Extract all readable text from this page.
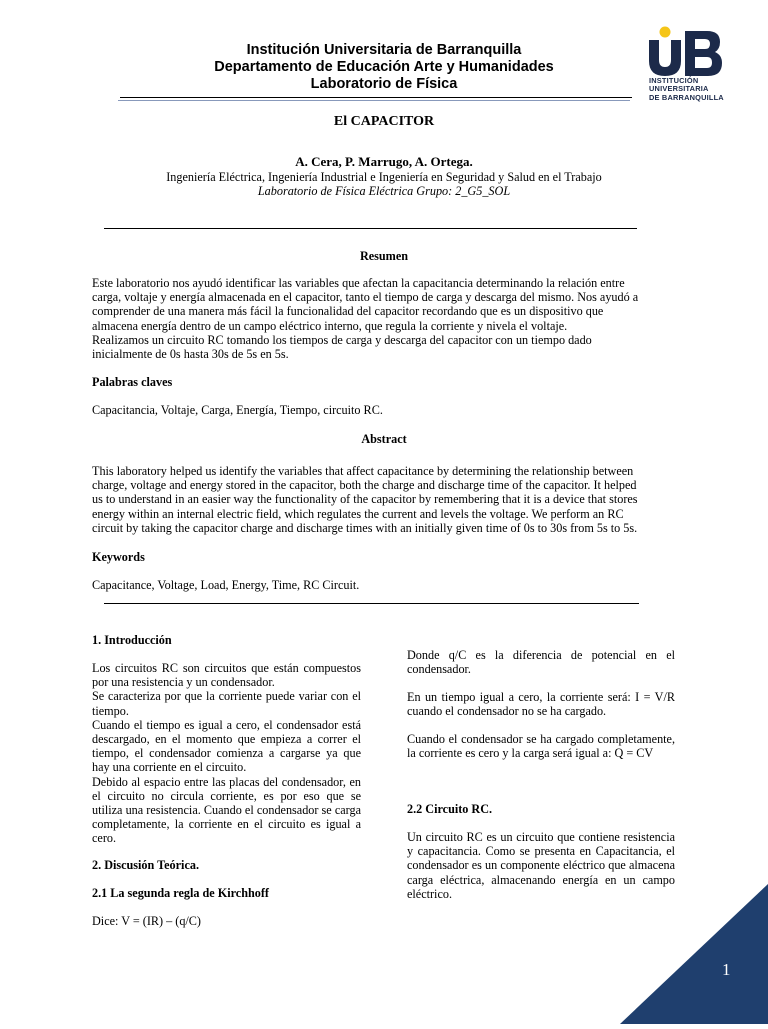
Institución Universitaria de Barranquilla
Departamento de Educación Arte y Humanidades
Laboratorio de Física	INSTITUCIÓN
UNIVERSITARIA
DE BARRANQUILLA
El CAPACITOR
A. Cera, P. Marrugo, A. Ortega.
Ingeniería Eléctrica, Ingeniería Industrial e Ingeniería en Seguridad y Salud en el Trabajo
Laboratorio de Física Eléctrica Grupo: 2_G5_SOL
Resumen
Este laboratorio nos ayudó identificar las variables que afectan la capacitancia determinando la relación entre
carga, voltaje y energía almacenada en el capacitor, tanto el tiempo de carga y descarga del mismo. Nos ayudó a
comprender de una manera más fácil la funcionalidad del capacitor recordando que es un dispositivo que
almacena energía dentro de un campo eléctrico interno, que regula la corriente y nivela el voltaje.
Realizamos un circuito RC tomando los tiempos de carga y descarga del capacitor con un tiempo dado
inicialmente de 0s hasta 30s de 5s en 5s.
Palabras claves
Capacitancia, Voltaje, Carga, Energía, Tiempo, circuito RC.
Abstract
This laboratory helped us identify the variables that affect capacitance by determining the relationship between
charge, voltage and energy stored in the capacitor, both the charge and discharge time of the capacitor. It helped
us to understand in an easier way the functionality of the capacitor by remembering that it is a device that stores
energy within an internal electric field, which regulates the current and levels the voltage. We perform an RC
circuit by taking the capacitor charge and discharge times with an initially given time of 0s to 30s from 5s to 5s.
Keywords
Capacitance, Voltage, Load, Energy, Time, RC Circuit.
1. Introducción
Los circuitos RC son circuitos que están compuestos por una resistencia y un condensador.
Se caracteriza por que la corriente puede variar con el tiempo.
Cuando el tiempo es igual a cero, el condensador está descargado, en el momento que empieza a correr el tiempo, el condensador comienza a cargarse ya que hay una corriente en el circuito.
Debido al espacio entre las placas del condensador, en el circuito no circula corriente, es por eso que se utiliza una resistencia. Cuando el condensador se carga completamente, la corriente en el circuito es igual a cero.
2. Discusión Teórica.
2.1 La segunda regla de Kirchhoff
Dice: V = (IR) – (q/C)
Donde q/C es la diferencia de potencial en el condensador.
En un tiempo igual a cero, la corriente será: I = V/R cuando el condensador no se ha cargado.
Cuando el condensador se ha cargado completamente, la corriente es cero y la carga será igual a: Q = CV
2.2 Circuito RC.
Un circuito RC es un circuito que contiene resistencia y capacitancia. Como se presenta en Capacitancia, el condensador es un componente eléctrico que almacena carga eléctrica, almacenando energía en un campo eléctrico.
1
